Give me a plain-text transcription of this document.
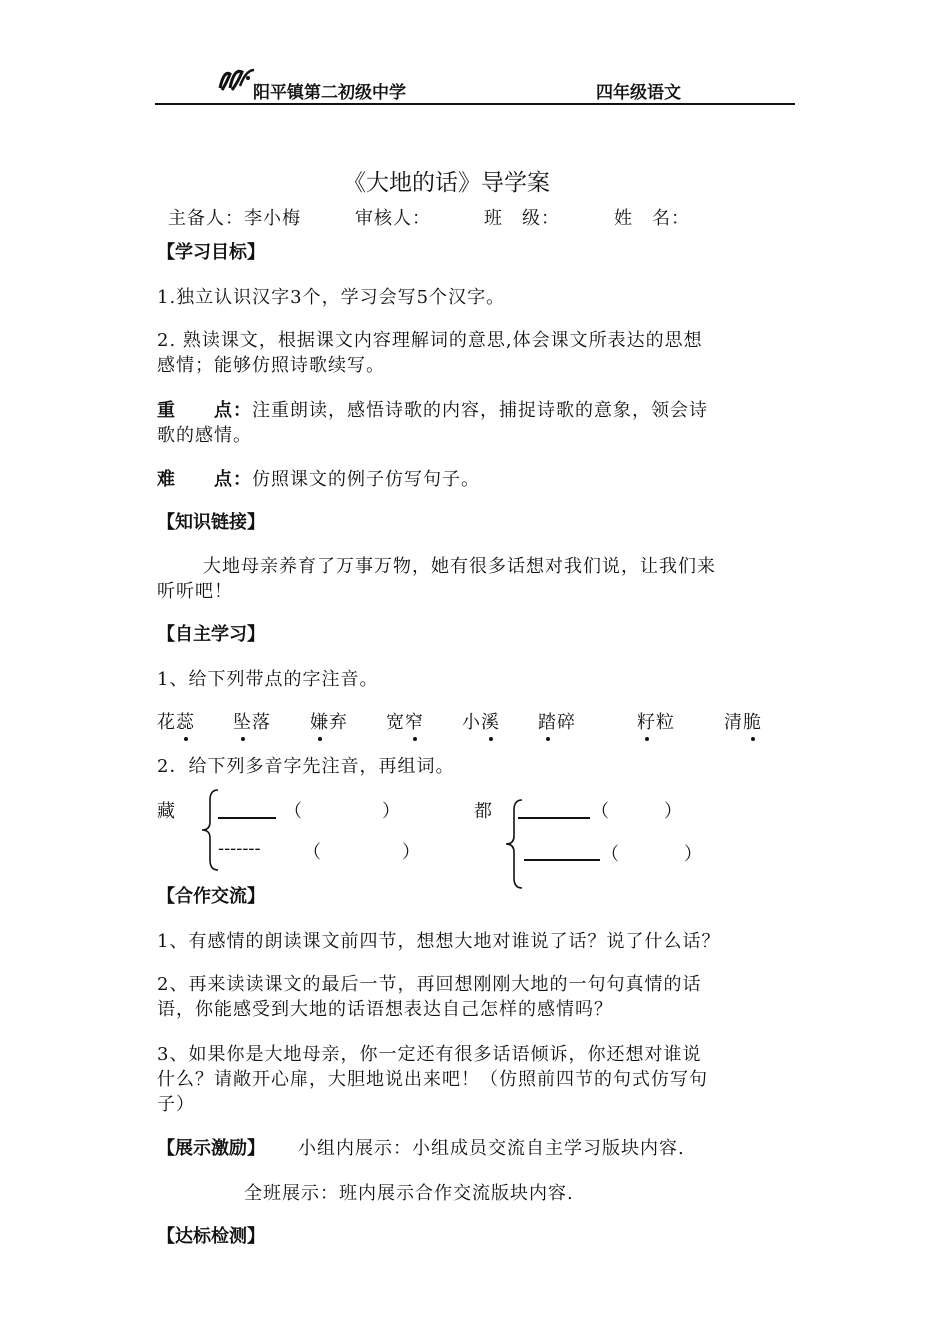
阳平镇第二初级中学	四年级语文
《大地的话》导学案
主备人：李小梅	审核人：	班　级：	姓　名：
【学习目标】
1.独立认识汉字3个，学习会写5个汉字。
2. 熟读课文，根据课文内容理解词的意思,体会课文所表达的思想
感情；能够仿照诗歌续写。
重　　点：注重朗读，感悟诗歌的内容，捕捉诗歌的意象，领会诗
歌的感情。
难　　点：仿照课文的例子仿写句子。
【知识链接】
大地母亲养育了万事万物，她有很多话想对我们说，让我们来
听听吧！
【自主学习】
1、给下列带点的字注音。
花蕊 坠落 嫌弃 宽窄 小溪 踏碎	籽粒	清脆
2．给下列多音字先注音，再组词。
藏	（	）
------- （	）
都	（	）
（	）
【合作交流】
1、有感情的朗读课文前四节，想想大地对谁说了话？说了什么话？
2、再来读读课文的最后一节，再回想刚刚大地的一句句真情的话
语，你能感受到大地的话语想表达自己怎样的感情吗？
3、如果你是大地母亲，你一定还有很多话语倾诉，你还想对谁说
什么？请敞开心扉，大胆地说出来吧！（仿照前四节的句式仿写句
子）
【展示激励】 小组内展示：小组成员交流自主学习版块内容.
全班展示：班内展示合作交流版块内容.
【达标检测】
